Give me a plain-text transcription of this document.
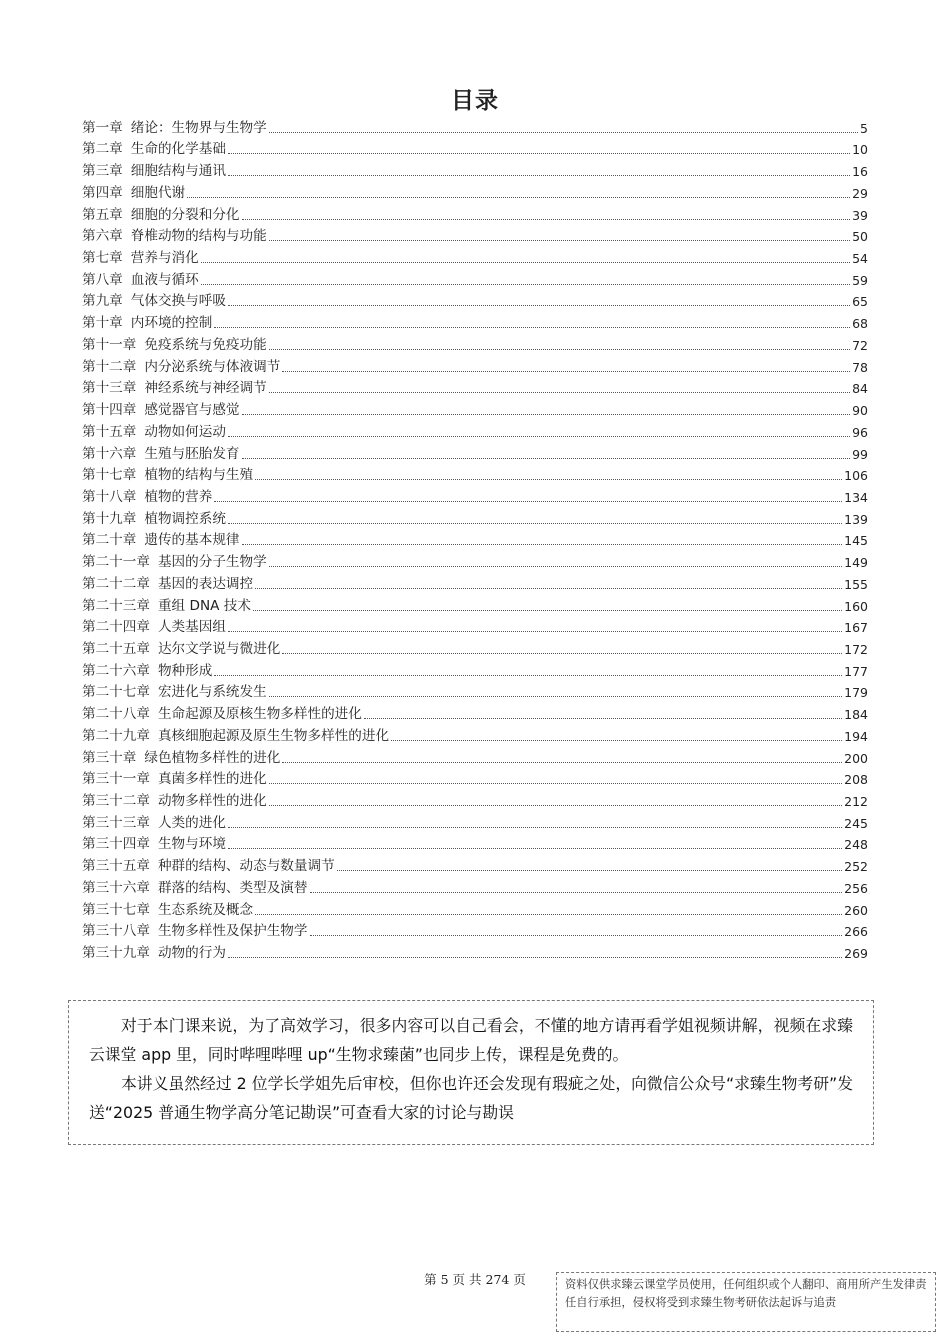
目录
第一章 绪论：生物界与生物学	5
第二章 生命的化学基础	10
第三章 细胞结构与通讯	16
第四章 细胞代谢	29
第五章 细胞的分裂和分化	39
第六章 脊椎动物的结构与功能	50
第七章 营养与消化	54
第八章 血液与循环	59
第九章 气体交换与呼吸	65
第十章 内环境的控制	68
第十一章 免疫系统与免疫功能	72
第十二章 内分泌系统与体液调节	78
第十三章 神经系统与神经调节	84
第十四章 感觉器官与感觉	90
第十五章 动物如何运动	96
第十六章 生殖与胚胎发育	99
第十七章 植物的结构与生殖	106
第十八章 植物的营养	134
第十九章 植物调控系统	139
第二十章 遗传的基本规律	145
第二十一章 基因的分子生物学	149
第二十二章 基因的表达调控	155
第二十三章 重组 DNA 技术	160
第二十四章 人类基因组	167
第二十五章 达尔文学说与微进化	172
第二十六章 物种形成	177
第二十七章 宏进化与系统发生	179
第二十八章 生命起源及原核生物多样性的进化	184
第二十九章 真核细胞起源及原生生物多样性的进化	194
第三十章 绿色植物多样性的进化	200
第三十一章 真菌多样性的进化	208
第三十二章 动物多样性的进化	212
第三十三章 人类的进化	245
第三十四章 生物与环境	248
第三十五章 种群的结构、动态与数量调节	252
第三十六章 群落的结构、类型及演替	256
第三十七章 生态系统及概念	260
第三十八章 生物多样性及保护生物学	266
第三十九章 动物的行为	269

对于本门课来说，为了高效学习，很多内容可以自己看会，不懂的地方请再看学姐视频讲解，视频在求臻云课堂 app 里，同时哔哩哔哩 up“生物求臻菌”也同步上传，课程是免费的。

本讲义虽然经过 2 位学长学姐先后审校，但你也许还会发现有瑕疵之处，向微信公众号“求臻生物考研”发送“2025 普通生物学高分笔记勘误”可查看大家的讨论与勘误

第 5 页 共 274 页	资料仅供求臻云课堂学员使用，任何组织或个人翻印、商用所产生发律责任自行承担，侵权将受到求臻生物考研依法起诉与追责
